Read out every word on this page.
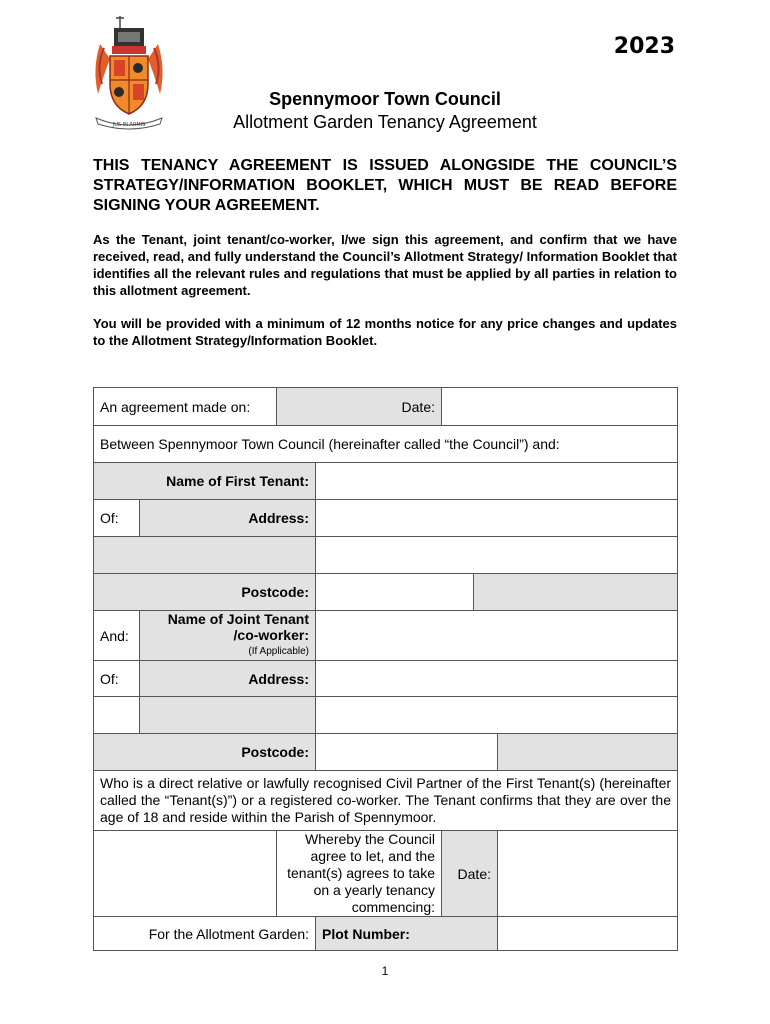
JUS IN ARMIS
2023
Spennymoor Town Council
Allotment Garden Tenancy Agreement
THIS TENANCY AGREEMENT IS ISSUED ALONGSIDE THE COUNCIL’S STRATEGY/INFORMATION BOOKLET, WHICH MUST BE READ BEFORE SIGNING YOUR AGREEMENT.
As the Tenant, joint tenant/co-worker, I/we sign this agreement, and confirm that we have received, read, and fully understand the Council’s Allotment Strategy/ Information Booklet that identifies all the relevant rules and regulations that must be applied by all parties in relation to this allotment agreement.
You will be provided with a minimum of 12 months notice for any price changes and updates to the Allotment Strategy/Information Booklet.
An agreement made on:		Date:				
Between Spennymoor Town Council (hereinafter called “the Council”) and:						
Name of First Tenant:						
Of:	Address:					

Postcode:						
And:	Name of Joint Tenant
/co-worker:
(If Applicable)					

Of:	Address:					

Postcode:						
Who is a direct relative or lawfully recognised Civil Partner of the First Tenant(s) (hereinafter called the “Tenant(s)”) or a registered co-worker. The Tenant confirms that they are over the age of 18 and reside within the Parish of Spennymoor.						
		Whereby the Council agree to let, and the tenant(s) agrees to take on a yearly tenancy commencing:		Date:		
For the Allotment Garden:			Plot Number:			
1
